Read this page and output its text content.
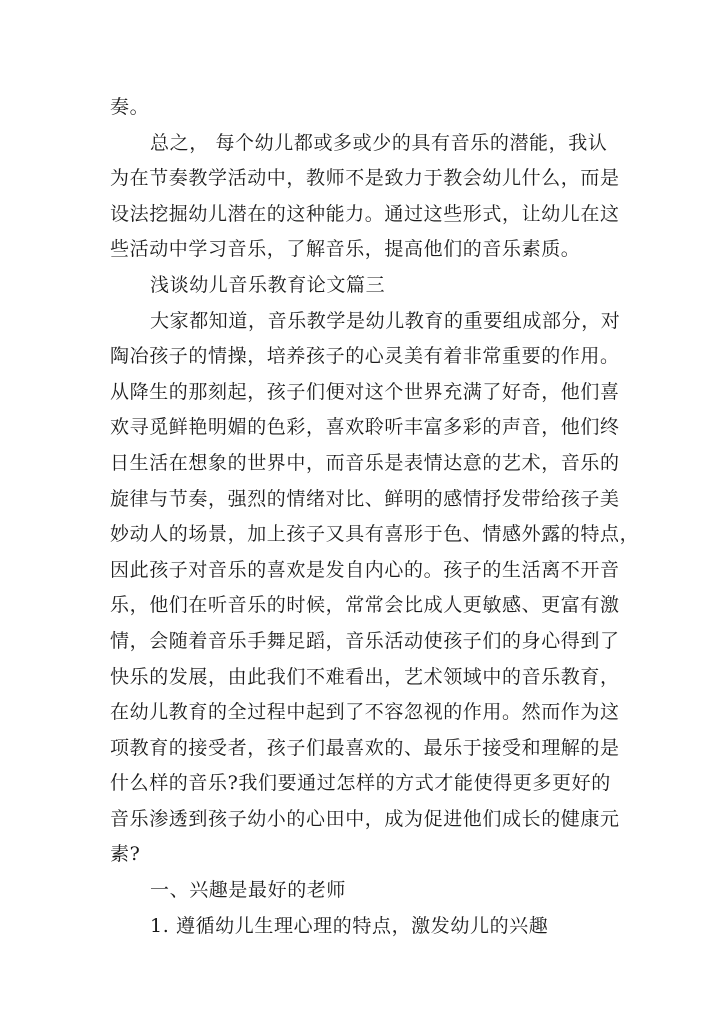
奏。
总之， 每个幼儿都或多或少的具有音乐的潜能，我认
为在节奏教学活动中，教师不是致力于教会幼儿什么，而是
设法挖掘幼儿潜在的这种能力。通过这些形式，让幼儿在这
些活动中学习音乐，了解音乐，提高他们的音乐素质。
浅谈幼儿音乐教育论文篇三
大家都知道，音乐教学是幼儿教育的重要组成部分，对
陶冶孩子的情操，培养孩子的心灵美有着非常重要的作用。
从降生的那刻起，孩子们便对这个世界充满了好奇，他们喜
欢寻觅鲜艳明媚的色彩，喜欢聆听丰富多彩的声音，他们终
日生活在想象的世界中，而音乐是表情达意的艺术，音乐的
旋律与节奏，强烈的情绪对比、鲜明的感情抒发带给孩子美
妙动人的场景，加上孩子又具有喜形于色、情感外露的特点，
因此孩子对音乐的喜欢是发自内心的。孩子的生活离不开音
乐，他们在听音乐的时候，常常会比成人更敏感、更富有激
情，会随着音乐手舞足蹈，音乐活动使孩子们的身心得到了
快乐的发展，由此我们不难看出，艺术领域中的音乐教育，
在幼儿教育的全过程中起到了不容忽视的作用。然而作为这
项教育的接受者，孩子们最喜欢的、最乐于接受和理解的是
什么样的音乐?我们要通过怎样的方式才能使得更多更好的
音乐渗透到孩子幼小的心田中，成为促进他们成长的健康元
素?
一、兴趣是最好的老师
1. 遵循幼儿生理心理的特点，激发幼儿的兴趣
